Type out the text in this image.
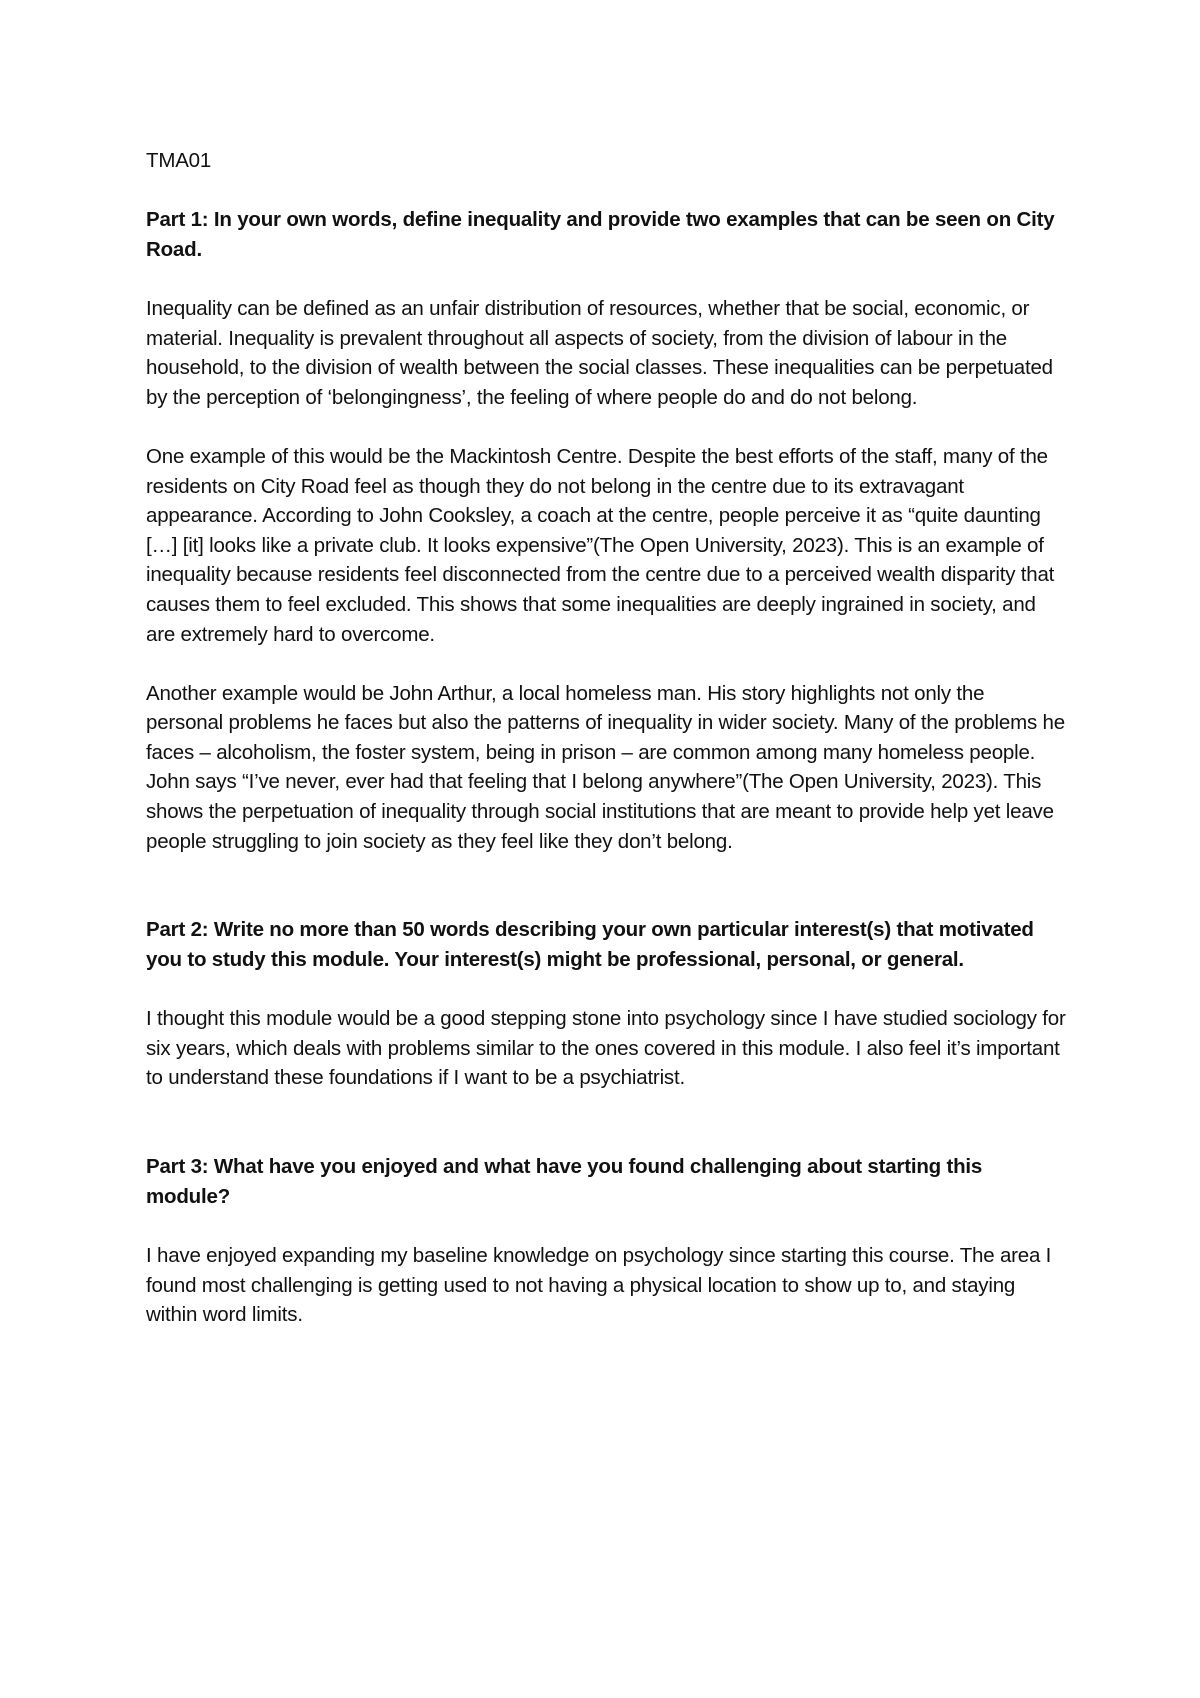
TMA01
Part 1: In your own words, define inequality and provide two examples that can be seen on City Road.
Inequality can be defined as an unfair distribution of resources, whether that be social, economic, or material. Inequality is prevalent throughout all aspects of society, from the division of labour in the household, to the division of wealth between the social classes. These inequalities can be perpetuated by the perception of ‘belongingness’, the feeling of where people do and do not belong.
One example of this would be the Mackintosh Centre. Despite the best efforts of the staff, many of the residents on City Road feel as though they do not belong in the centre due to its extravagant appearance. According to John Cooksley, a coach at the centre, people perceive it as “quite daunting […] [it] looks like a private club. It looks expensive”(The Open University, 2023). This is an example of inequality because residents feel disconnected from the centre due to a perceived wealth disparity that causes them to feel excluded. This shows that some inequalities are deeply ingrained in society, and are extremely hard to overcome.
Another example would be John Arthur, a local homeless man. His story highlights not only the personal problems he faces but also the patterns of inequality in wider society. Many of the problems he faces – alcoholism, the foster system, being in prison – are common among many homeless people. John says “I’ve never, ever had that feeling that I belong anywhere”(The Open University, 2023). This shows the perpetuation of inequality through social institutions that are meant to provide help yet leave people struggling to join society as they feel like they don’t belong.
Part 2: Write no more than 50 words describing your own particular interest(s) that motivated you to study this module. Your interest(s) might be professional, personal, or general.
I thought this module would be a good stepping stone into psychology since I have studied sociology for six years, which deals with problems similar to the ones covered in this module. I also feel it’s important to understand these foundations if I want to be a psychiatrist.
Part 3: What have you enjoyed and what have you found challenging about starting this module?
I have enjoyed expanding my baseline knowledge on psychology since starting this course. The area I found most challenging is getting used to not having a physical location to show up to, and staying within word limits.
